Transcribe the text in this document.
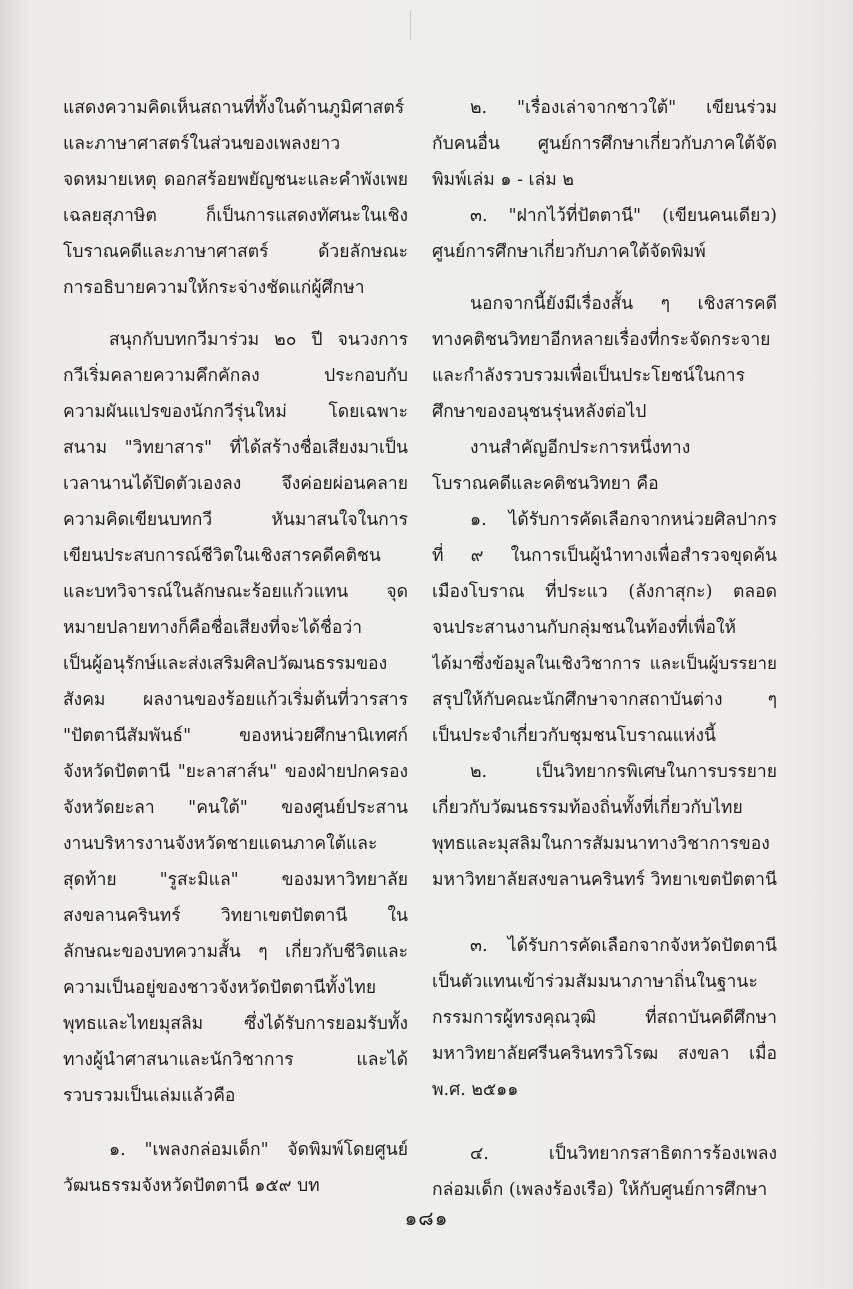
แสดงความคิดเห็นสถานที่ทั้งในด้านภูมิศาสตร์
และภาษาศาสตร์ในส่วนของเพลงยาว
จดหมายเหตุ ดอกสร้อยพยัญชนะและคำพังเพย
เฉลยสุภาษิต ก็เป็นการแสดงทัศนะในเชิง
โบราณคดีและภาษาศาสตร์ ด้วยลักษณะ
การอธิบายความให้กระจ่างชัดแก่ผู้ศึกษา
สนุกกับบทกวีมาร่วม ๒๐ ปี จนวงการ
กวีเริ่มคลายความคึกคักลง ประกอบกับ
ความผันแปรของนักกวีรุ่นใหม่ โดยเฉพาะ
สนาม "วิทยาสาร" ที่ได้สร้างชื่อเสียงมาเป็น
เวลานานได้ปิดตัวเองลง จึงค่อยผ่อนคลาย
ความคิดเขียนบทกวี หันมาสนใจในการ
เขียนประสบการณ์ชีวิตในเชิงสารคดีคติชน
และบทวิจารณ์ในลักษณะร้อยแก้วแทน จุด
หมายปลายทางก็คือชื่อเสียงที่จะได้ชื่อว่า
เป็นผู้อนุรักษ์และส่งเสริมศิลปวัฒนธรรมของ
สังคม ผลงานของร้อยแก้วเริ่มต้นที่วารสาร
"ปัตตานีสัมพันธ์" ของหน่วยศึกษานิเทศก์
จังหวัดปัตตานี "ยะลาสาส์น" ของฝ่ายปกครอง
จังหวัดยะลา "คนใต้" ของศูนย์ประสาน
งานบริหารงานจังหวัดชายแดนภาคใต้และ
สุดท้าย "รูสะมิแล" ของมหาวิทยาลัย
สงขลานครินทร์ วิทยาเขตปัตตานี ใน
ลักษณะของบทความสั้น ๆ เกี่ยวกับชีวิตและ
ความเป็นอยู่ของชาวจังหวัดปัตตานีทั้งไทย
พุทธและไทยมุสลิม ซึ่งได้รับการยอมรับทั้ง
ทางผู้นำศาสนาและนักวิชาการ และได้
รวบรวมเป็นเล่มแล้วคือ
๑. "เพลงกล่อมเด็ก" จัดพิมพ์โดยศูนย์
วัฒนธรรมจังหวัดปัตตานี ๑๕๙ บท
๒. "เรื่องเล่าจากชาวใต้" เขียนร่วม
กับคนอื่น ศูนย์การศึกษาเกี่ยวกับภาคใต้จัด
พิมพ์เล่ม ๑ - เล่ม ๒
๓. "ฝากไว้ที่ปัตตานี" (เขียนคนเดียว)
ศูนย์การศึกษาเกี่ยวกับภาคใต้จัดพิมพ์
นอกจากนี้ยังมีเรื่องสั้น ๆ เชิงสารคดี
ทางคติชนวิทยาอีกหลายเรื่องที่กระจัดกระจาย
และกำลังรวบรวมเพื่อเป็นประโยชน์ในการ
ศึกษาของอนุชนรุ่นหลังต่อไป
งานสำคัญอีกประการหนึ่งทาง
โบราณคดีและคติชนวิทยา คือ
๑. ได้รับการคัดเลือกจากหน่วยศิลปากร
ที่ ๙ ในการเป็นผู้นำทางเพื่อสำรวจขุดค้น
เมืองโบราณ ที่ประแว (ลังกาสุกะ) ตลอด
จนประสานงานกับกลุ่มชนในท้องที่เพื่อให้
ได้มาซึ่งข้อมูลในเชิงวิชาการ และเป็นผู้บรรยาย
สรุปให้กับคณะนักศึกษาจากสถาบันต่าง ๆ
เป็นประจำเกี่ยวกับชุมชนโบราณแห่งนี้
๒. เป็นวิทยากรพิเศษในการบรรยาย
เกี่ยวกับวัฒนธรรมท้องถิ่นทั้งที่เกี่ยวกับไทย
พุทธและมุสลิมในการสัมมนาทางวิชาการของ
มหาวิทยาลัยสงขลานครินทร์ วิทยาเขตปัตตานี
๓. ได้รับการคัดเลือกจากจังหวัดปัตตานี
เป็นตัวแทนเข้าร่วมสัมมนาภาษาถิ่นในฐานะ
กรรมการผู้ทรงคุณวุฒิ ที่สถาบันคดีศึกษา
มหาวิทยาลัยศรีนครินทรวิโรฒ สงขลา เมื่อ
พ.ศ. ๒๕๑๑
๔. เป็นวิทยากรสาธิตการร้องเพลง
กล่อมเด็ก (เพลงร้องเรือ) ให้กับศูนย์การศึกษา
๑๘๑
